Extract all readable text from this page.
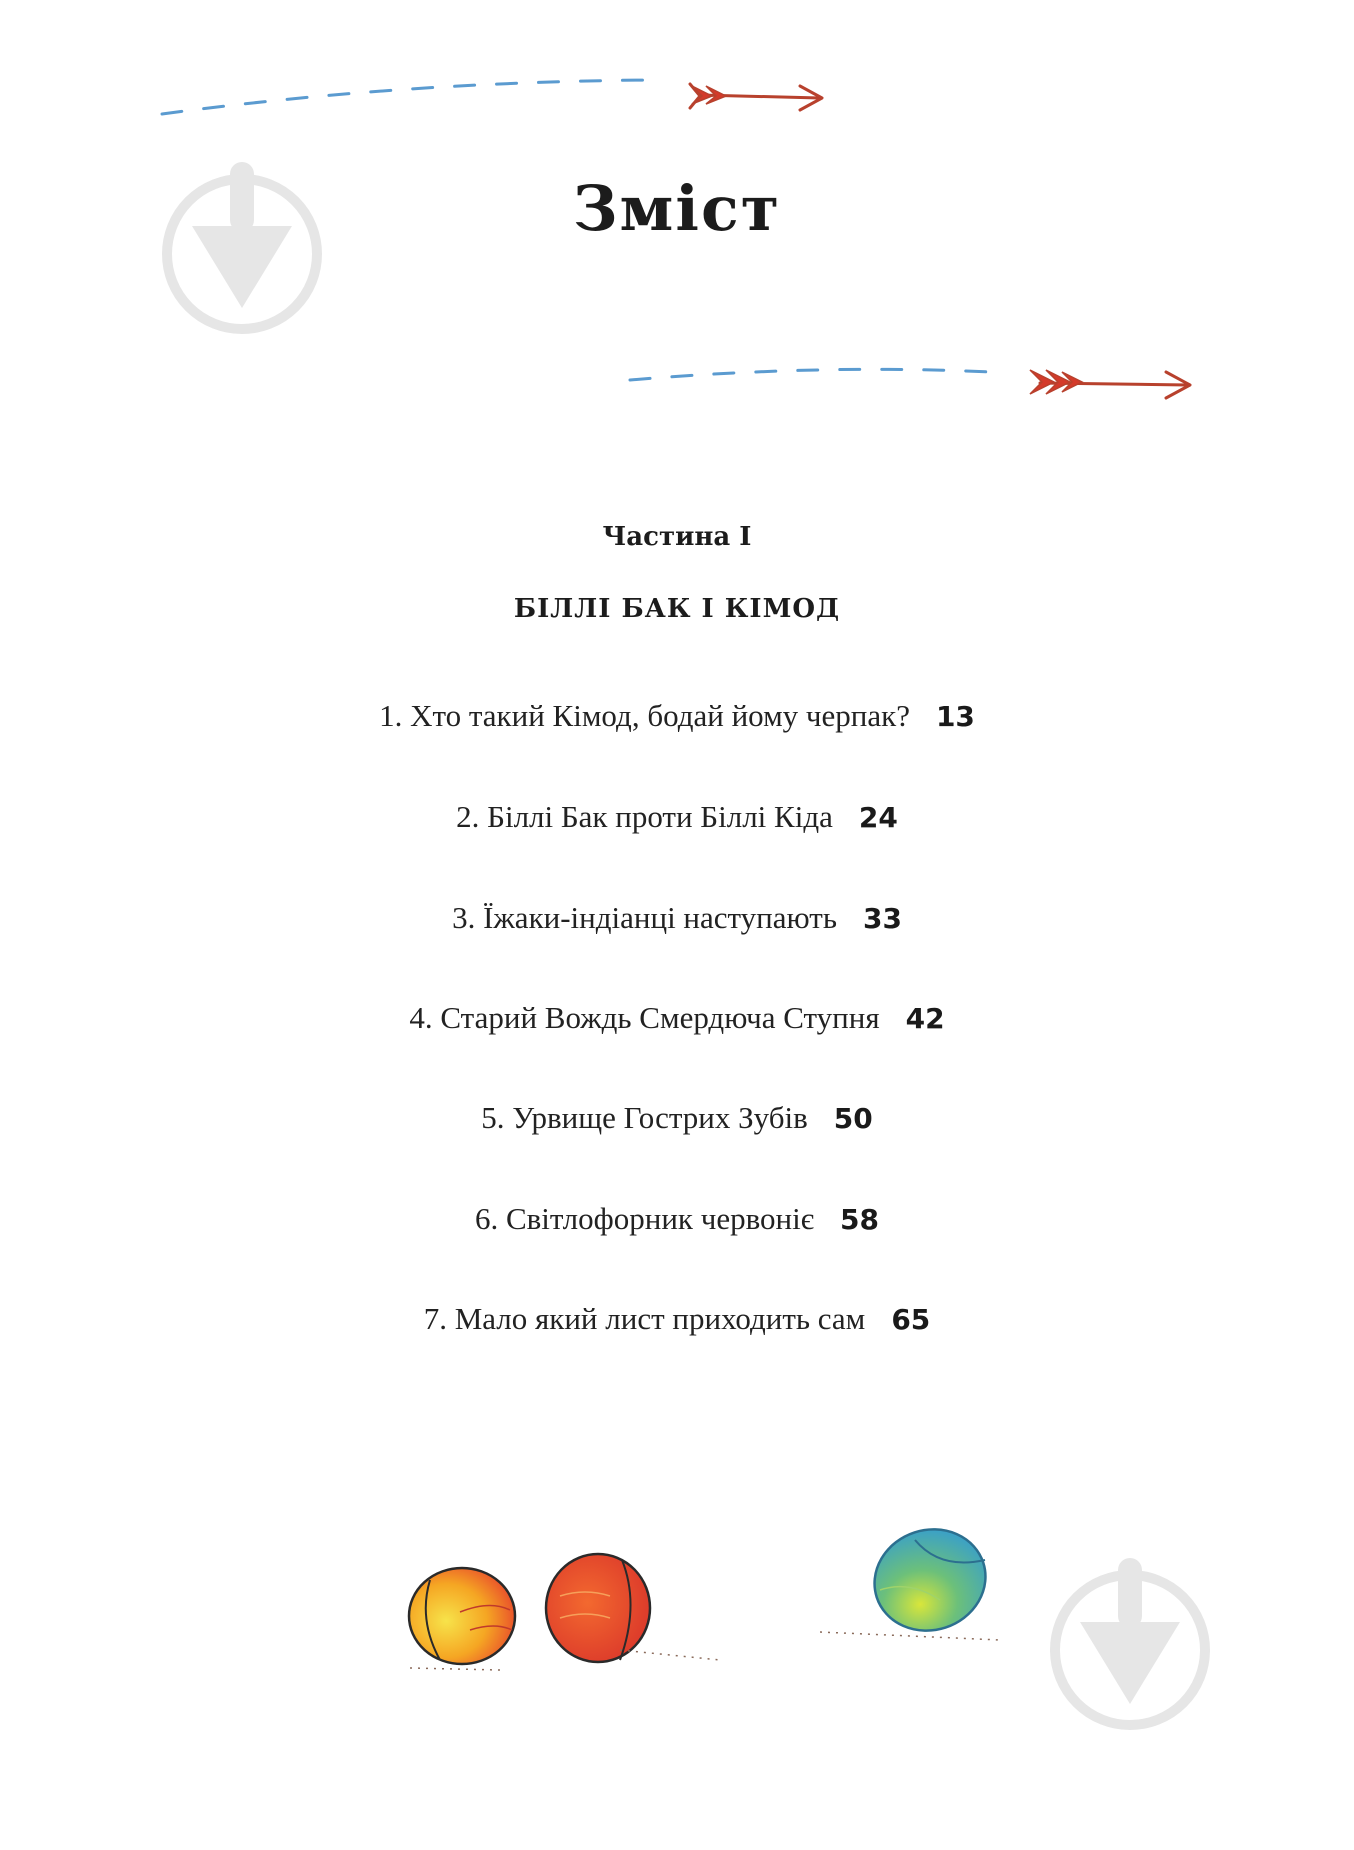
Зміст
Частина I
БІЛЛІ БАК І КІМОД
1. Хто такий Кімод, бодай йому черпак? 13
2. Біллі Бак проти Біллі Кіда 24
3. Їжаки-індіанці наступають 33
4. Старий Вождь Смердюча Ступня 42
5. Урвище Гострих Зубів 50
6. Світлофорник червоніє 58
7. Мало який лист приходить сам 65
